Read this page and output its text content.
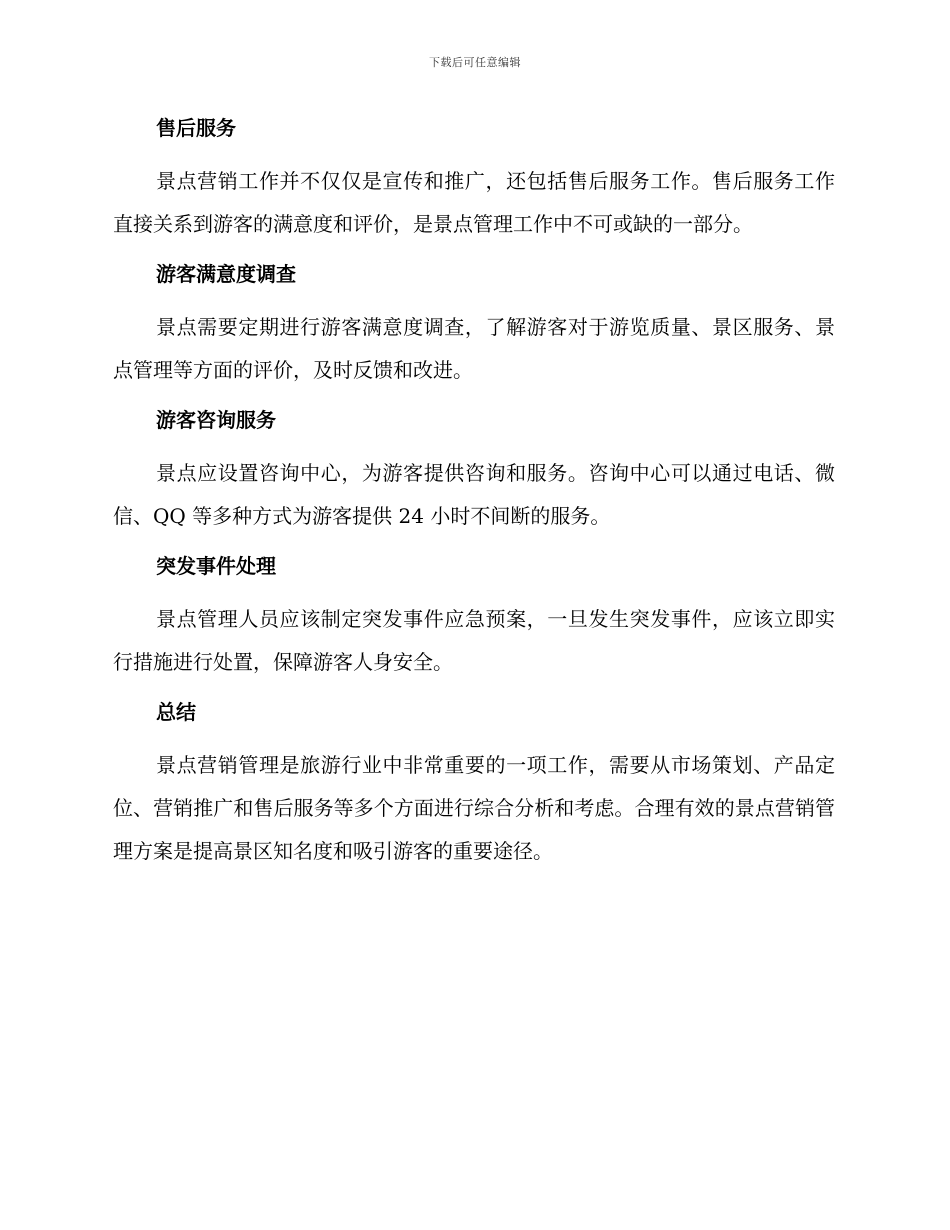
下载后可任意编辑
售后服务

景点营销工作并不仅仅是宣传和推广，还包括售后服务工作。售后服务工作直接关系到游客的满意度和评价，是景点管理工作中不可或缺的一部分。

游客满意度调查

景点需要定期进行游客满意度调查，了解游客对于游览质量、景区服务、景点管理等方面的评价，及时反馈和改进。

游客咨询服务

景点应设置咨询中心，为游客提供咨询和服务。咨询中心可以通过电话、微信、QQ 等多种方式为游客提供 24 小时不间断的服务。

突发事件处理

景点管理人员应该制定突发事件应急预案，一旦发生突发事件，应该立即实行措施进行处置，保障游客人身安全。

总结

景点营销管理是旅游行业中非常重要的一项工作，需要从市场策划、产品定位、营销推广和售后服务等多个方面进行综合分析和考虑。合理有效的景点营销管理方案是提高景区知名度和吸引游客的重要途径。
